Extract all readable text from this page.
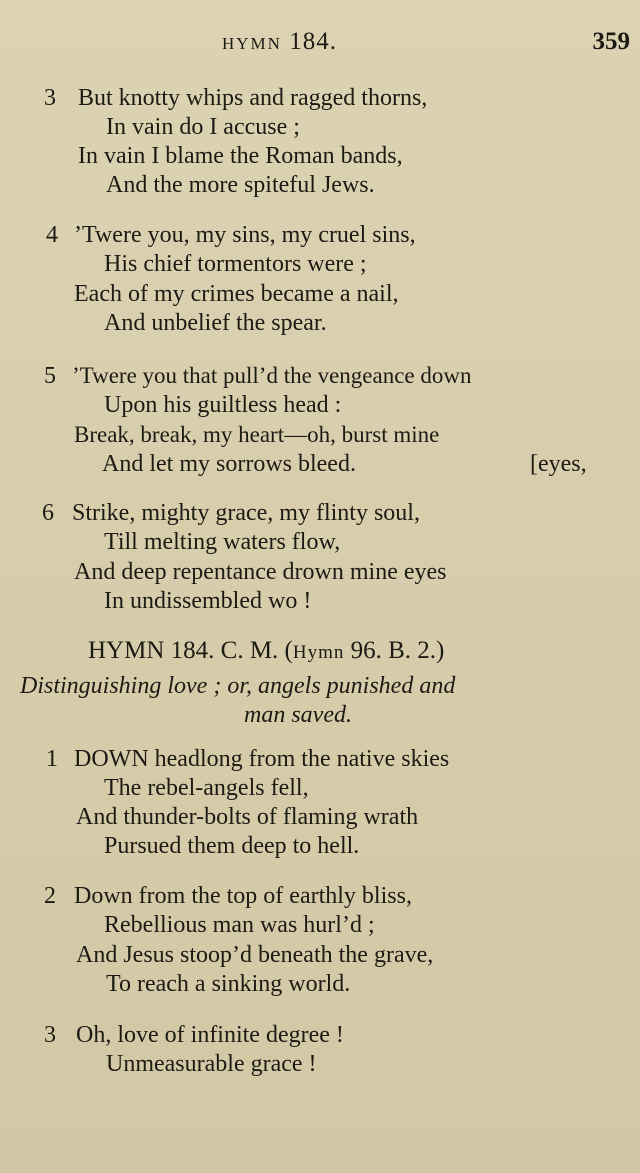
HYMN 184.	359
3 But knotty whips and ragged thorns,
In vain do I accuse ;
In vain I blame the Roman bands,
And the more spiteful Jews.
4 ’Twere you, my sins, my cruel sins,
His chief tormentors were ;
Each of my crimes became a nail,
And unbelief the spear.
5 ’Twere you that pull’d the vengeance down
Upon his guiltless head :
Break, break, my heart—oh, burst mine
And let my sorrows bleed.	[eyes,
6 Strike, mighty grace, my flinty soul,
Till melting waters flow,
And deep repentance drown mine eyes
In undissembled wo !
HYMN 184. C. M. (Hymn 96. B. 2.)
Distinguishing love ; or, angels punished and
man saved.
1 DOWN headlong from the native skies
The rebel-angels fell,
And thunder-bolts of flaming wrath
Pursued them deep to hell.
2 Down from the top of earthly bliss,
Rebellious man was hurl’d ;
And Jesus stoop’d beneath the grave,
To reach a sinking world.
3 Oh, love of infinite degree !
Unmeasurable grace !
